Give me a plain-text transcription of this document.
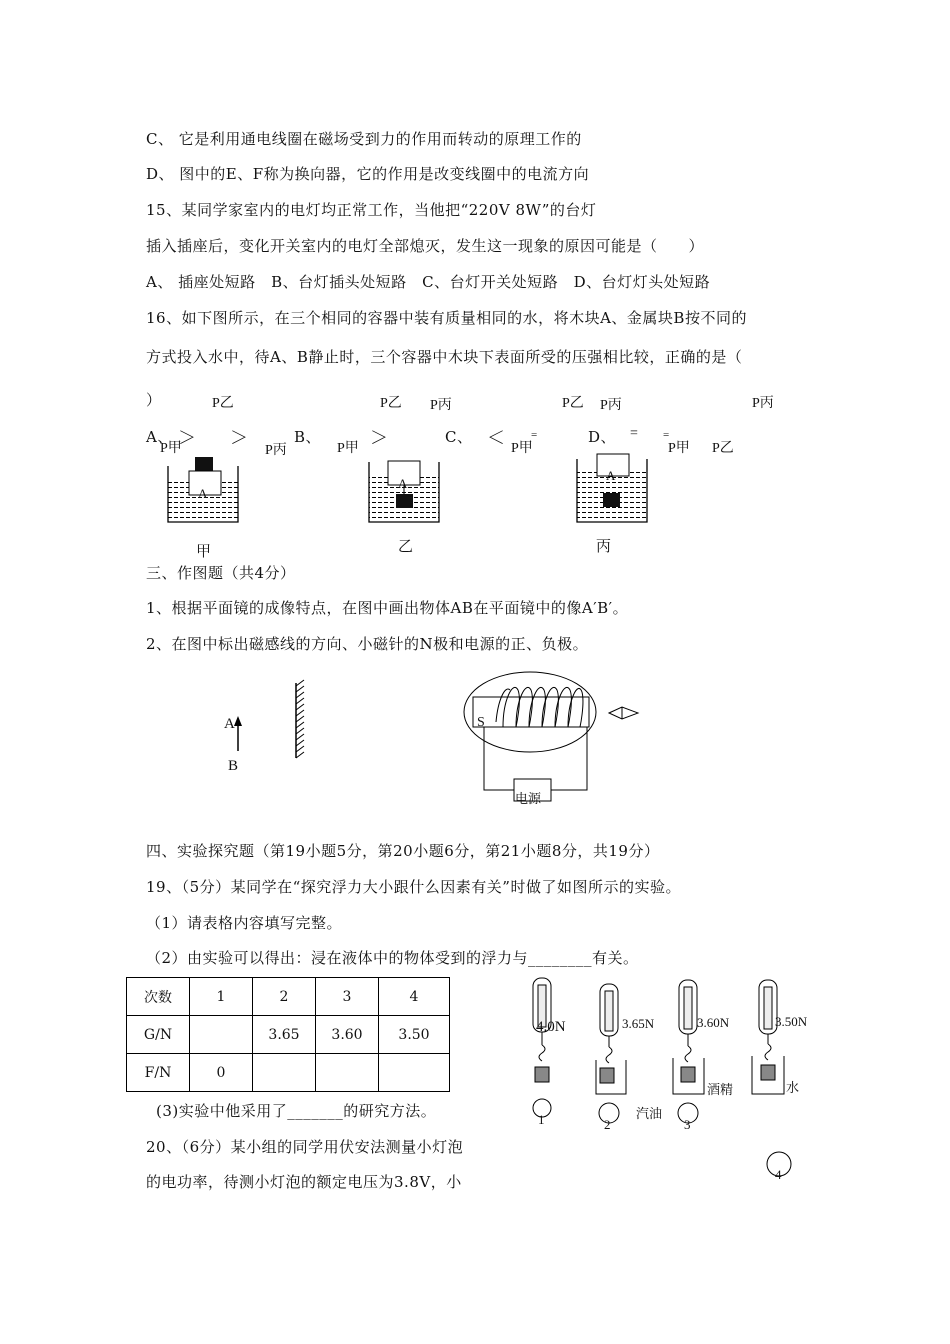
C、 它是利用通电线圈在磁场受到力的作用而转动的原理工作的
D、 图中的E、F称为换向器，它的作用是改变线圈中的电流方向
15、某同学家室内的电灯均正常工作，当他把“220V 8W”的台灯
插入插座后，变化开关室内的电灯全部熄灭，发生这一现象的原因可能是（　　）
A、 插座处短路　B、台灯插头处短路　C、台灯开关处短路　D、台灯灯头处短路
16、如下图所示，在三个相同的容器中装有质量相同的水，将木块A、金属块B按不同的
方式投入水中，待A、B静止时，三个容器中木块下表面所受的压强相比较，正确的是（
）	P乙	P乙 P丙	P乙 P丙	P丙
A、
P甲
＞ ＞
P丙
B、
P甲
＞	C、 ＜
P甲
=	D、 = =
P甲 P乙
A
A
A
甲	乙	丙
三、作图题（共4分）
1、根据平面镜的成像特点，在图中画出物体AB在平面镜中的像A′B′。
2、在图中标出磁感线的方向、小磁针的N极和电源的正、负极。
A
B
S
电源
四、实验探究题（第19小题5分，第20小题6分，第21小题8分，共19分）
19、（5分）某同学在“探究浮力大小跟什么因素有关”时做了如图所示的实验。
（1）请表格内容填写完整。
（2）由实验可以得出：浸在液体中的物体受到的浮力与________有关。
次数	1	2	3	4
G/N		3.65	3.60	3.50
F/N	0			
(3)实验中他采用了_______的研究方法。
20、（6分）某小组的同学用伏安法测量小灯泡
的电功率，待测小灯泡的额定电压为3.8V，小
4.0N	3.65N	3.60N	3.50N
汽油
酒精	水
1	2	3
4
